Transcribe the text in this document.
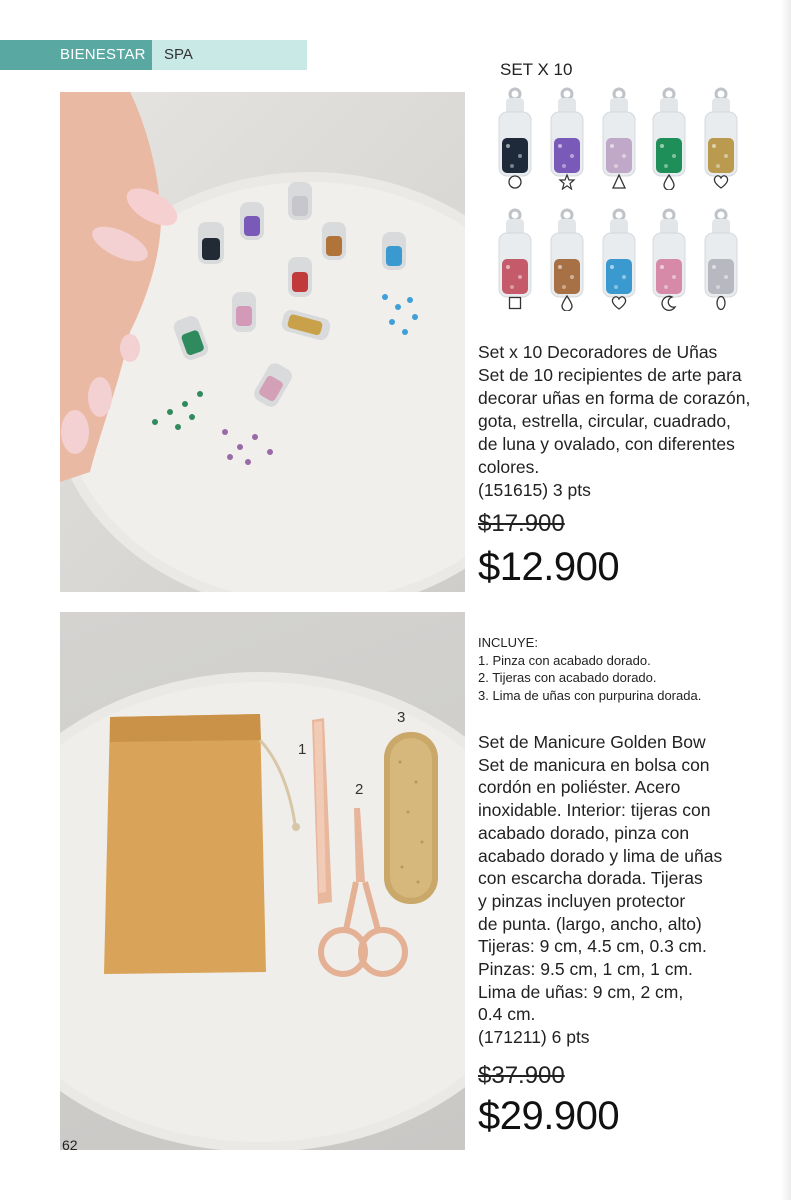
BIENESTAR	SPA
SET X 10
Set x 10 Decoradores de Uñas
Set de 10 recipientes de arte para
decorar uñas en forma de corazón,
gota, estrella, circular, cuadrado,
de luna y ovalado, con diferentes
colores.
(151615) 3 pts
$17.900
$12.900
1
2
3
INCLUYE:
1. Pinza con acabado dorado.
2. Tijeras con acabado dorado.
3. Lima de uñas con purpurina dorada.
Set de Manicure Golden Bow
Set de manicura en bolsa con
cordón en poliéster. Acero
inoxidable. Interior: tijeras con
acabado dorado, pinza con
acabado dorado y lima de uñas
con escarcha dorada. Tijeras
y pinzas incluyen protector
de punta. (largo, ancho, alto)
Tijeras: 9 cm, 4.5 cm, 0.3 cm.
Pinzas: 9.5 cm, 1 cm, 1 cm.
Lima de uñas: 9 cm, 2 cm,
0.4 cm.
(171211) 6 pts
$37.900
$29.900
62
